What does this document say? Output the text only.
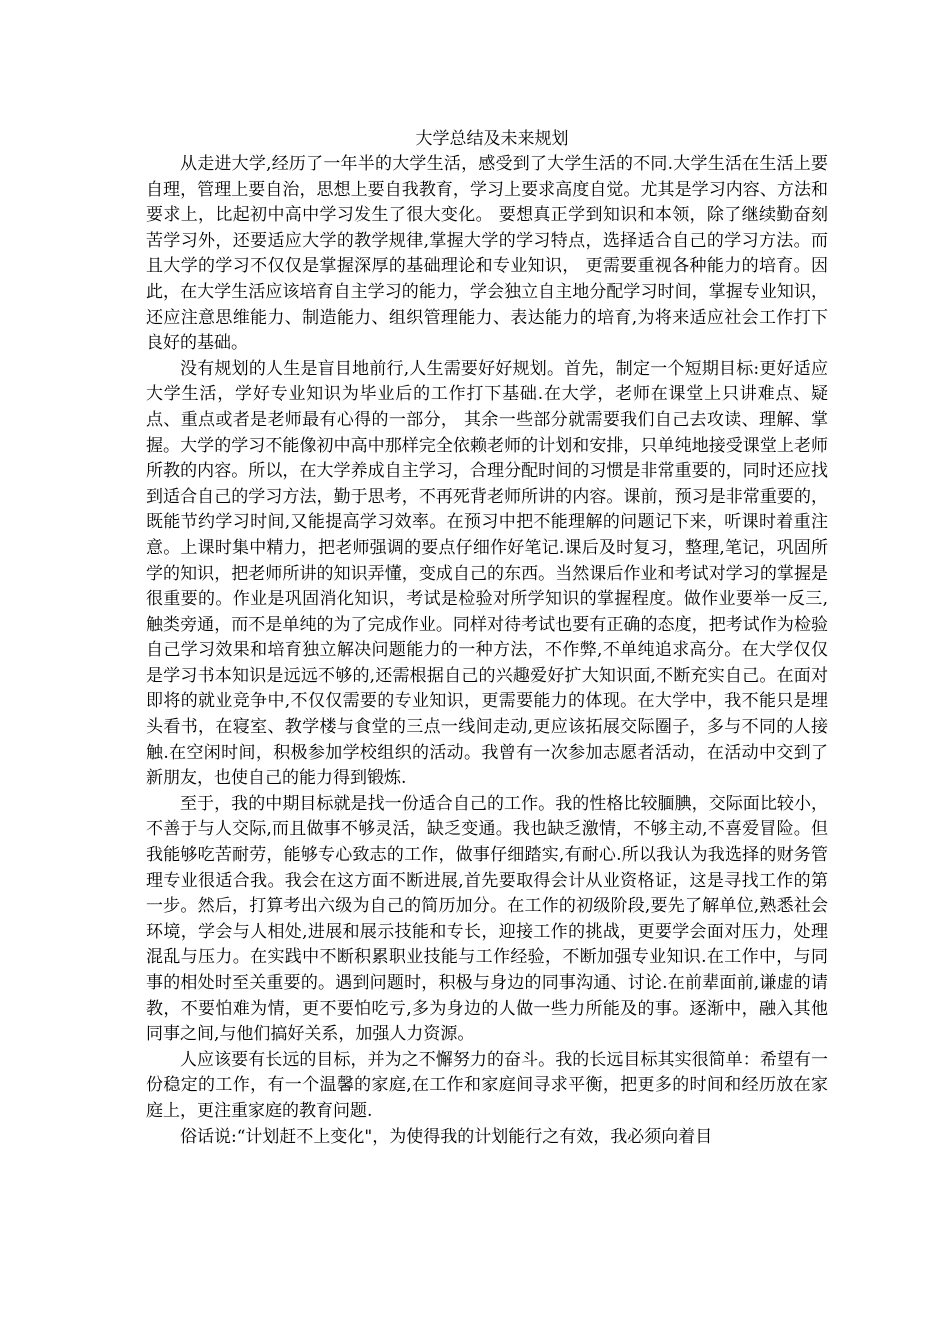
大学总结及未来规划

从走进大学,经历了一年半的大学生活，感受到了大学生活的不同.大学生活在生活上要自理，管理上要自治，思想上要自我教育，学习上要求高度自觉。尤其是学习内容、方法和要求上，比起初中高中学习发生了很大变化。 要想真正学到知识和本领，除了继续勤奋刻苦学习外，还要适应大学的教学规律,掌握大学的学习特点，选择适合自己的学习方法。而且大学的学习不仅仅是掌握深厚的基础理论和专业知识， 更需要重视各种能力的培育。因此，在大学生活应该培育自主学习的能力，学会独立自主地分配学习时间，掌握专业知识，还应注意思维能力、制造能力、组织管理能力、表达能力的培育,为将来适应社会工作打下良好的基础。

没有规划的人生是盲目地前行,人生需要好好规划。首先，制定一个短期目标:更好适应大学生活，学好专业知识为毕业后的工作打下基础.在大学，老师在课堂上只讲难点、疑点、重点或者是老师最有心得的一部分， 其余一些部分就需要我们自己去攻读、理解、掌握。大学的学习不能像初中高中那样完全依赖老师的计划和安排，只单纯地接受课堂上老师所教的内容。所以，在大学养成自主学习，合理分配时间的习惯是非常重要的，同时还应找到适合自己的学习方法，勤于思考，不再死背老师所讲的内容。课前，预习是非常重要的，既能节约学习时间,又能提高学习效率。在预习中把不能理解的问题记下来，听课时着重注意。上课时集中精力，把老师强调的要点仔细作好笔记.课后及时复习，整理,笔记，巩固所学的知识，把老师所讲的知识弄懂，变成自己的东西。当然课后作业和考试对学习的掌握是很重要的。作业是巩固消化知识，考试是检验对所学知识的掌握程度。做作业要举一反三,触类旁通，而不是单纯的为了完成作业。同样对待考试也要有正确的态度，把考试作为检验自己学习效果和培育独立解决问题能力的一种方法，不作弊,不单纯追求高分。在大学仅仅是学习书本知识是远远不够的,还需根据自己的兴趣爱好扩大知识面,不断充实自己。在面对即将的就业竞争中,不仅仅需要的专业知识，更需要能力的体现。在大学中，我不能只是埋头看书，在寝室、教学楼与食堂的三点一线间走动,更应该拓展交际圈子，多与不同的人接触.在空闲时间，积极参加学校组织的活动。我曾有一次参加志愿者活动，在活动中交到了新朋友，也使自己的能力得到锻炼.

至于，我的中期目标就是找一份适合自己的工作。我的性格比较腼腆，交际面比较小，不善于与人交际,而且做事不够灵活，缺乏变通。我也缺乏激情，不够主动,不喜爱冒险。但我能够吃苦耐劳，能够专心致志的工作，做事仔细踏实,有耐心.所以我认为我选择的财务管理专业很适合我。我会在这方面不断进展,首先要取得会计从业资格证，这是寻找工作的第一步。然后，打算考出六级为自己的简历加分。在工作的初级阶段,要先了解单位,熟悉社会环境，学会与人相处,进展和展示技能和专长，迎接工作的挑战，更要学会面对压力，处理混乱与压力。在实践中不断积累职业技能与工作经验，不断加强专业知识.在工作中，与同事的相处时至关重要的。遇到问题时，积极与身边的同事沟通、讨论.在前辈面前,谦虚的请教，不要怕难为情，更不要怕吃亏,多为身边的人做一些力所能及的事。逐渐中，融入其他同事之间,与他们搞好关系，加强人力资源。

人应该要有长远的目标，并为之不懈努力的奋斗。我的长远目标其实很简单：希望有一份稳定的工作，有一个温馨的家庭,在工作和家庭间寻求平衡，把更多的时间和经历放在家庭上，更注重家庭的教育问题.

俗话说:“计划赶不上变化"，为使得我的计划能行之有效，我必须向着目
